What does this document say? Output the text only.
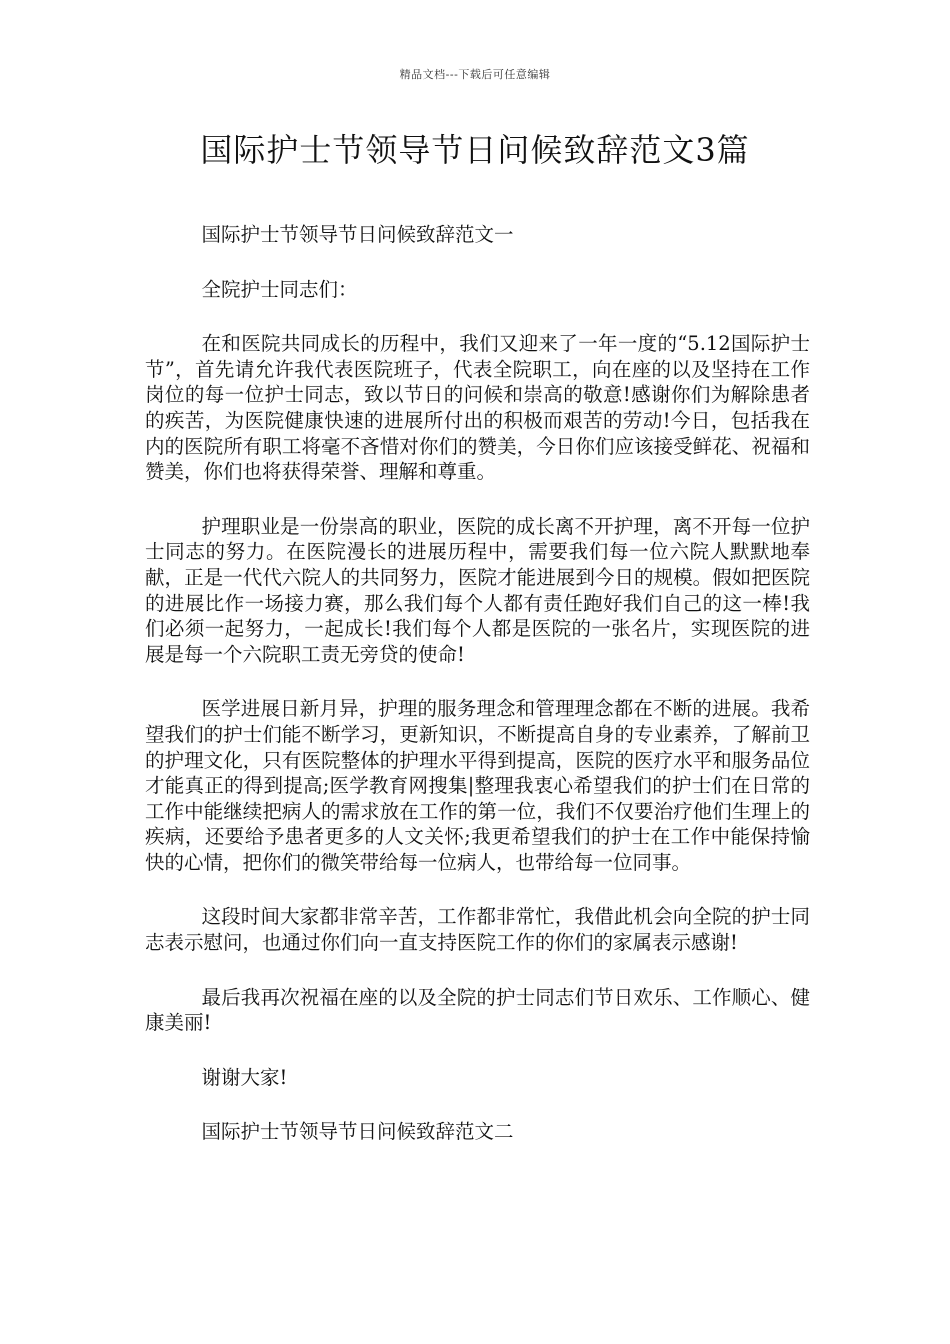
精品文档---下载后可任意编辑
国际护士节领导节日问候致辞范文3篇

国际护士节领导节日问候致辞范文一

全院护士同志们：

在和医院共同成长的历程中，我们又迎来了一年一度的“5.12国际护士节”，首先请允许我代表医院班子，代表全院职工，向在座的以及坚持在工作岗位的每一位护士同志，致以节日的问候和崇高的敬意!感谢你们为解除患者的疾苦，为医院健康快速的进展所付出的积极而艰苦的劳动!今日，包括我在内的医院所有职工将毫不吝惜对你们的赞美，今日你们应该接受鲜花、祝福和赞美，你们也将获得荣誉、理解和尊重。

护理职业是一份崇高的职业，医院的成长离不开护理，离不开每一位护士同志的努力。在医院漫长的进展历程中，需要我们每一位六院人默默地奉献，正是一代代六院人的共同努力，医院才能进展到今日的规模。假如把医院的进展比作一场接力赛，那么我们每个人都有责任跑好我们自己的这一棒!我们必须一起努力，一起成长!我们每个人都是医院的一张名片，实现医院的进展是每一个六院职工责无旁贷的使命!

医学进展日新月异，护理的服务理念和管理理念都在不断的进展。我希望我们的护士们能不断学习，更新知识，不断提高自身的专业素养，了解前卫的护理文化，只有医院整体的护理水平得到提高，医院的医疗水平和服务品位才能真正的得到提高;医学教育网搜集|整理我衷心希望我们的护士们在日常的工作中能继续把病人的需求放在工作的第一位，我们不仅要治疗他们生理上的疾病，还要给予患者更多的人文关怀;我更希望我们的护士在工作中能保持愉快的心情，把你们的微笑带给每一位病人，也带给每一位同事。

这段时间大家都非常辛苦，工作都非常忙，我借此机会向全院的护士同志表示慰问，也通过你们向一直支持医院工作的你们的家属表示感谢!

最后我再次祝福在座的以及全院的护士同志们节日欢乐、工作顺心、健康美丽!

谢谢大家!

国际护士节领导节日问候致辞范文二
